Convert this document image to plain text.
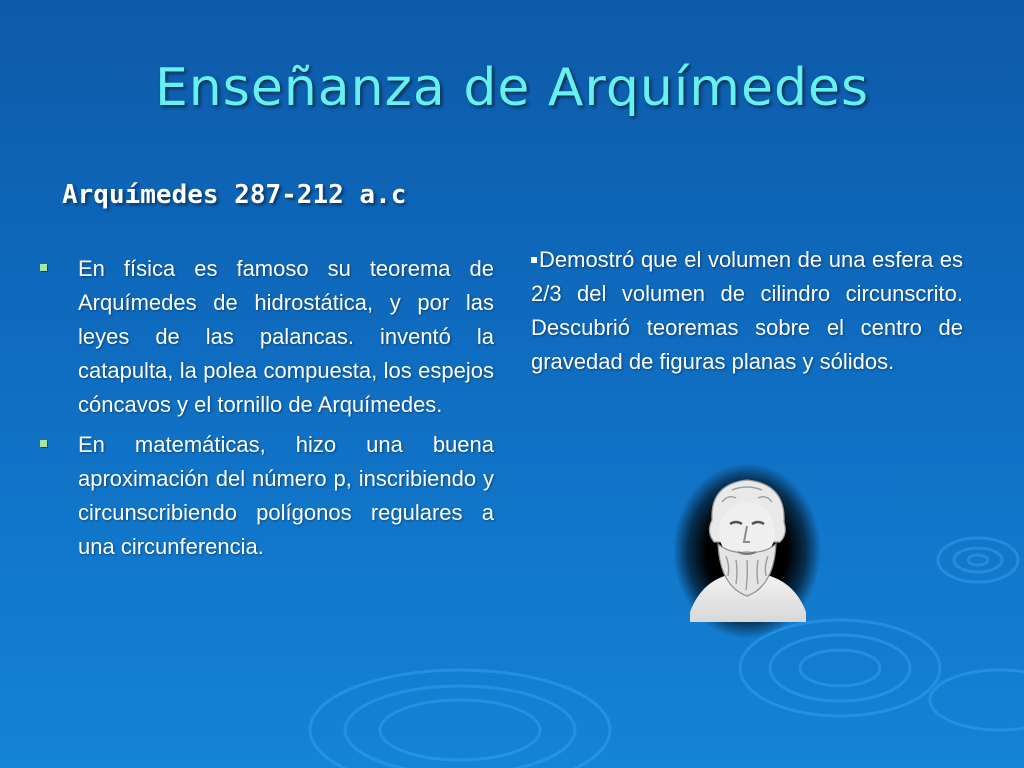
Enseñanza de Arquímedes
Arquímedes 287-212 a.c
En física es famoso su teorema de Arquímedes de hidrostática, y por las leyes de las palancas. inventó la catapulta, la polea compuesta, los espejos cóncavos y el tornillo de Arquímedes.
En matemáticas, hizo una buena aproximación del número p, inscribiendo y circunscribiendo polígonos regulares a una circunferencia.
Demostró que el volumen de una esfera es 2/3 del volumen de cilindro circunscrito. Descubrió teoremas sobre el centro de gravedad de figuras planas y sólidos.
